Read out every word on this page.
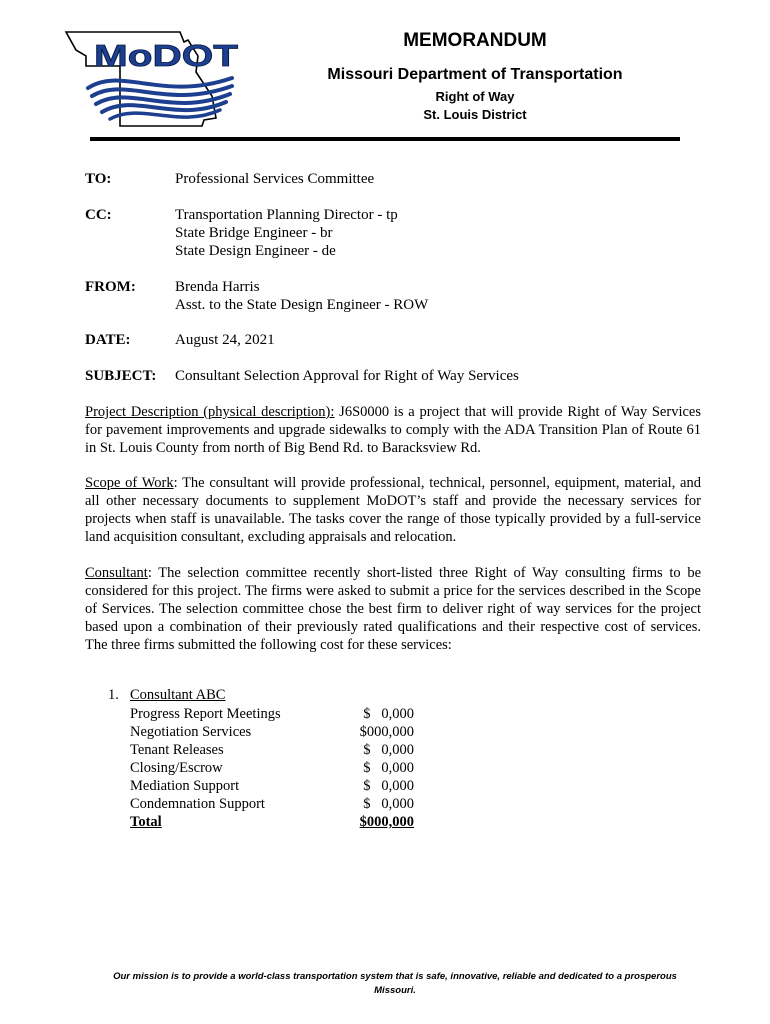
MoDOT	MEMORANDUM
Missouri Department of Transportation
Right of Way
St. Louis District
TO:	Professional Services Committee
CC:	Transportation Planning Director - tp
State Bridge Engineer - br
State Design Engineer - de
FROM:	Brenda Harris
Asst. to the State Design Engineer - ROW
DATE:	August 24, 2021
SUBJECT: Consultant Selection Approval for Right of Way Services
Project Description (physical description): J6S0000 is a project that will provide Right of Way Services for pavement improvements and upgrade sidewalks to comply with the ADA Transition Plan of Route 61 in St. Louis County from north of Big Bend Rd. to Baracksview Rd.
Scope of Work: The consultant will provide professional, technical, personnel, equipment, material, and all other necessary documents to supplement MoDOT’s staff and provide the necessary services for projects when staff is unavailable. The tasks cover the range of those typically provided by a full-service land acquisition consultant, excluding appraisals and relocation.
Consultant: The selection committee recently short-listed three Right of Way consulting firms to be considered for this project. The firms were asked to submit a price for the services described in the Scope of Services. The selection committee chose the best firm to deliver right of way services for the project based upon a combination of their previously rated qualifications and their respective cost of services. The three firms submitted the following cost for these services:
1. Consultant ABC
Progress Report Meetings	$   0,000
Negotiation Services	$000,000
Tenant Releases	$   0,000
Closing/Escrow	$   0,000
Mediation Support	$   0,000
Condemnation Support	$   0,000
Total	$000,000
Our mission is to provide a world-class transportation system that is safe, innovative, reliable and dedicated to a prosperous Missouri.
